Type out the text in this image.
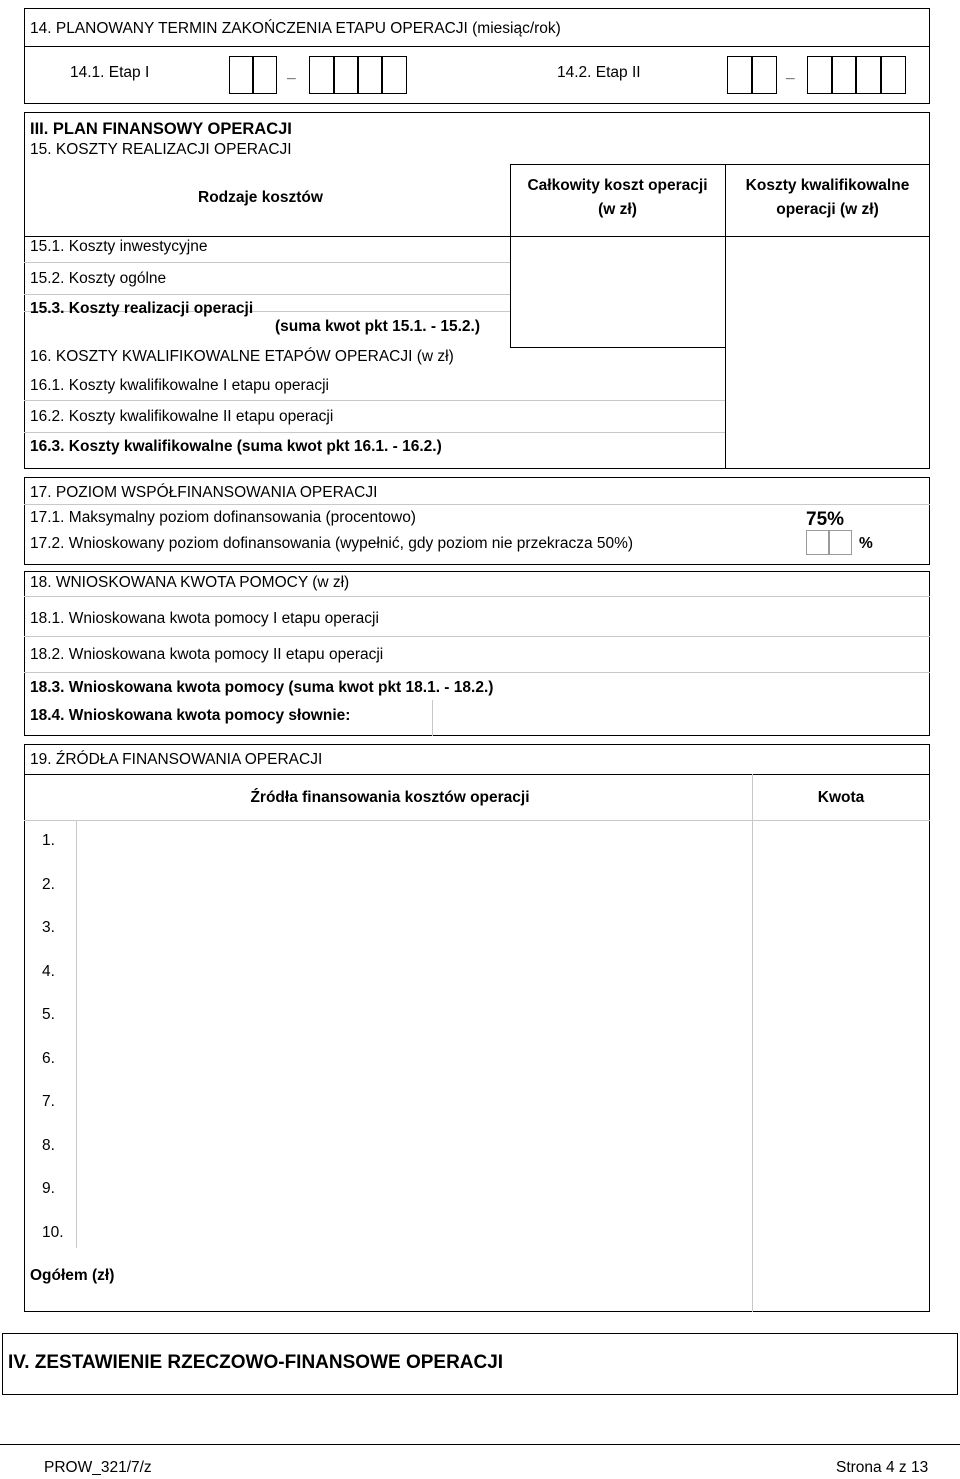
14. PLANOWANY TERMIN ZAKOŃCZENIA ETAPU OPERACJI (miesiąc/rok)
14.1. Etap I	_	14.2. Etap II	_
III. PLAN FINANSOWY OPERACJI
15. KOSZTY REALIZACJI OPERACJI
Rodzaje kosztów
Całkowity koszt operacji
(w zł)
Koszty kwalifikowalne
operacji (w zł)
15.1. Koszty inwestycyjne
15.2. Koszty ogólne
15.3. Koszty realizacji operacji
(suma kwot pkt 15.1. - 15.2.)
16. KOSZTY KWALIFIKOWALNE ETAPÓW OPERACJI (w zł)
16.1. Koszty kwalifikowalne I etapu operacji
16.2. Koszty kwalifikowalne II etapu operacji
16.3. Koszty kwalifikowalne (suma kwot pkt 16.1. - 16.2.)
17. POZIOM WSPÓŁFINANSOWANIA OPERACJI
17.1. Maksymalny poziom dofinansowania (procentowo)	75%
17.2. Wnioskowany poziom dofinansowania (wypełnić, gdy poziom nie przekracza 50%)	%
18. WNIOSKOWANA KWOTA POMOCY (w zł)
18.1. Wnioskowana kwota pomocy I etapu operacji
18.2. Wnioskowana kwota pomocy II etapu operacji
18.3. Wnioskowana kwota pomocy (suma kwot pkt 18.1. - 18.2.)
18.4. Wnioskowana kwota pomocy słownie:
19. ŹRÓDŁA FINANSOWANIA OPERACJI
Źródła finansowania kosztów operacji	Kwota
1.
2.
3.
4.
5.
6.
7.
8.
9.
10.
Ogółem (zł)
IV. ZESTAWIENIE RZECZOWO-FINANSOWE OPERACJI
PROW_321/7/z	Strona 4 z 13
